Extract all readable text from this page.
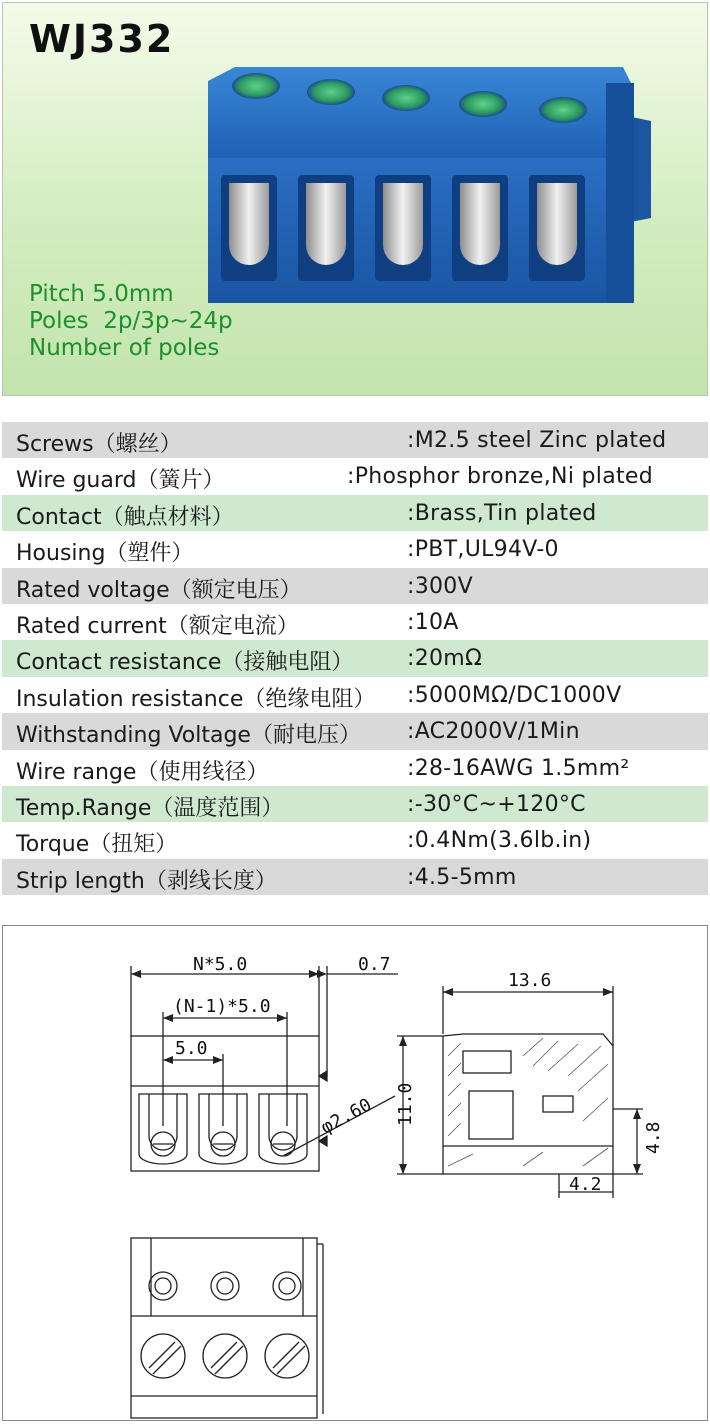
WJ332
Pitch 5.0mm
Poles  2p/3p~24p
Number of poles
Screws（螺丝）	:M2.5 steel Zinc plated
Wire guard（簧片）	:Phosphor bronze,Ni plated
Contact（触点材料）	:Brass,Tin plated
Housing（塑件）	:PBT,UL94V-0
Rated voltage（额定电压）	:300V
Rated current（额定电流）	:10A
Contact resistance（接触电阻） :20mΩ
Insulation resistance（绝缘电阻） :5000MΩ/DC1000V
Withstanding Voltage（耐电压） :AC2000V/1Min
Wire range（使用线径）	:28-16AWG 1.5mm²
Temp.Range（温度范围）	:-30°C~+120°C
Torque（扭矩）	:0.4Nm(3.6lb.in)
Strip length（剥线长度）	:4.5-5mm
N*5.0	0.7
(N-1)*5.0
5.0
φ2.60
13.6
11.0
4.8
4.2
